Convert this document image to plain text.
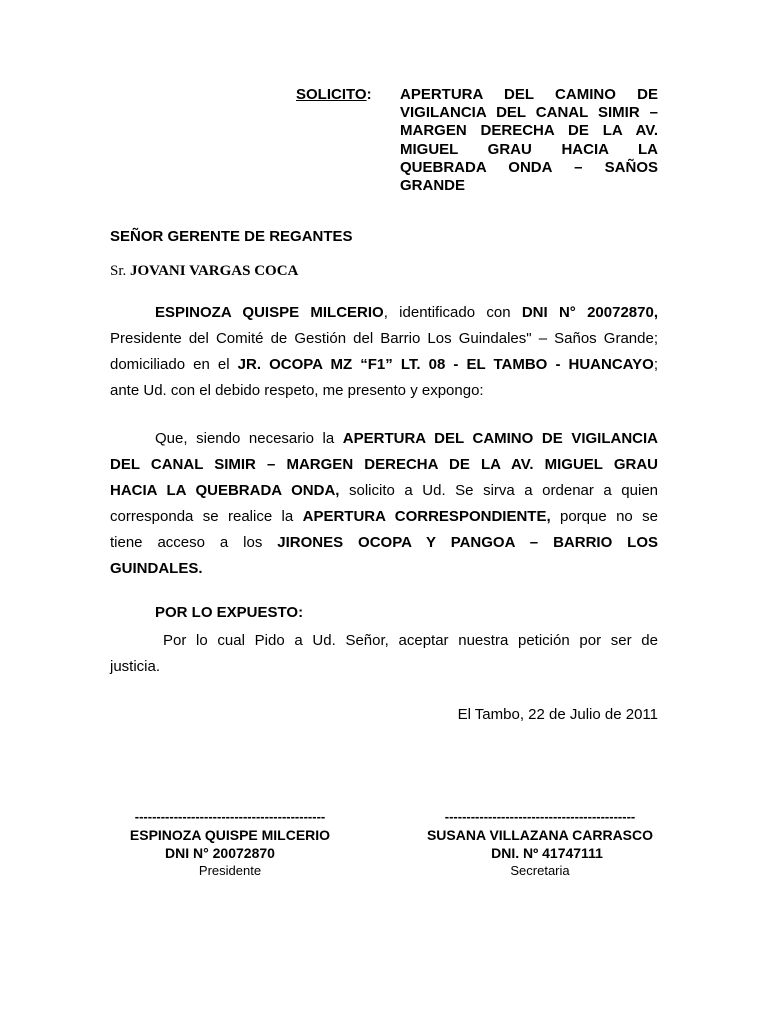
SOLICITO: APERTURA DEL CAMINO DE
VIGILANCIA DEL CANAL SIMIR –
MARGEN DERECHA DE LA AV.
MIGUEL GRAU HACIA LA
QUEBRADA ONDA – SAÑOS
GRANDE
SEÑOR GERENTE DE REGANTES
Sr. JOVANI VARGAS COCA
ESPINOZA QUISPE MILCERIO, identificado con DNI N° 20072870,
Presidente del Comité de Gestión del Barrio Los Guindales" – Saños Grande;
domiciliado en el JR. OCOPA MZ “F1” LT. 08 - EL TAMBO - HUANCAYO;
ante Ud. con el debido respeto, me presento y expongo:
Que, siendo necesario la APERTURA DEL CAMINO DE VIGILANCIA
DEL CANAL SIMIR – MARGEN DERECHA DE LA AV. MIGUEL GRAU
HACIA LA QUEBRADA ONDA, solicito a Ud. Se sirva a ordenar a quien
corresponda se realice la APERTURA CORRESPONDIENTE, porque no se
tiene acceso a los JIRONES OCOPA Y PANGOA – BARRIO LOS
GUINDALES.
POR LO EXPUESTO:
Por lo cual Pido a Ud. Señor, aceptar nuestra petición por ser de
justicia.
El Tambo, 22 de Julio de 2011
--------------------------------------------
ESPINOZA QUISPE MILCERIO
DNI N° 20072870
Presidente
--------------------------------------------
SUSANA VILLAZANA CARRASCO
DNI. Nº 41747111
Secretaria
